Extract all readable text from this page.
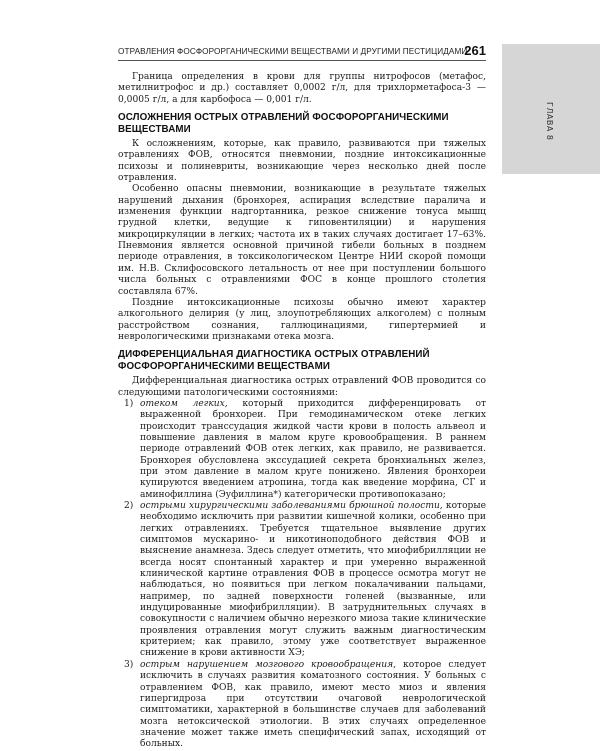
ГЛАВА 8
ОТРАВЛЕНИЯ ФОСФОРОРГАНИЧЕСКИМИ ВЕЩЕСТВАМИ И ДРУГИМИ ПЕСТИЦИДАМИ
261

Граница определения в крови для группы нитрофосов (метафос, метилнитрофос и др.) составляет 0,0002 г/л, для трихлорметафоса-3 — 0,0005 г/л, а для карбофоса — 0,001 г/л.

ОСЛОЖНЕНИЯ ОСТРЫХ ОТРАВЛЕНИЙ ФОСФОРОРГАНИЧЕСКИМИ ВЕЩЕСТВАМИ

К осложнениям, которые, как правило, развиваются при тяжелых отравлениях ФОВ, относятся пневмонии, поздние интоксикационные психозы и полиневриты, возникающие через несколько дней после отравления.

Особенно опасны пневмонии, возникающие в результате тяжелых нарушений дыхания (бронхорея, аспирация вследствие паралича и изменения функции надгортанника, резкое снижение тонуса мышц грудной клетки, ведущие к гиповентиляции) и нарушения микроциркуляции в легких; частота их в таких случаях достигает 17–63%. Пневмония является основной причиной гибели больных в позднем периоде отравления, в токсикологическом Центре НИИ скорой помощи им. Н.В. Склифосовского летальность от нее при поступлении большого числа больных с отравлениями ФОС в конце прошлого столетия составляла 67%.

Поздние интоксикационные психозы обычно имеют характер алкогольного делирия (у лиц, злоупотребляющих алкоголем) с полным расстройством сознания, галлюцинациями, гипертермией и неврологическими признаками отека мозга.

ДИФФЕРЕНЦИАЛЬНАЯ ДИАГНОСТИКА ОСТРЫХ ОТРАВЛЕНИЙ ФОСФОРОРГАНИЧЕСКИМИ ВЕЩЕСТВАМИ

Дифференциальная диагностика острых отравлений ФОВ проводится со следующими патологическими состояниями:

1) отеком легких, который приходится дифференцировать от выраженной бронхореи. При гемодинамическом отеке легких происходит транссудация жидкой части крови в полость альвеол и повышение давления в малом круге кровообращения. В раннем периоде отравлений ФОВ отек легких, как правило, не развивается. Бронхорея обусловлена экссудацией секрета бронхиальных желез, при этом давление в малом круге понижено. Явления бронхореи купируются введением атропина, тогда как введение морфина, СГ и аминофиллина (Эуфиллина*) категорически противопоказано;
2) острыми хирургическими заболеваниями брюшной полости, которые необходимо исключить при развитии кишечной колики, особенно при легких отравлениях. Требуется тщательное выявление других симптомов мускарино- и никотиноподобного действия ФОВ и выяснение анамнеза. Здесь следует отметить, что миофибрилляции не всегда носят спонтанный характер и при умеренно выраженной клинической картине отравления ФОВ в процессе осмотра могут не наблюдаться, но появиться при легком покалачивании пальцами, например, по задней поверхности голеней (вызванные, или индуцированные миофибрилляции). В затруднительных случаях в совокупности с наличием обычно нерезкого миоза такие клинические проявления отравления могут служить важным диагностическим критерием; как правило, этому уже соответствует выраженное снижение в крови активности ХЭ;
3) острым нарушением мозгового кровообращения, которое следует исключить в случаях развития коматозного состояния. У больных с отравлением ФОВ, как правило, имеют место миоз и явления гипергидроза при отсутствии очаговой неврологической симптоматики, характерной в большинстве случаев для заболеваний мозга нетоксической этиологии. В этих случаях определенное значение может также иметь специфический запах, исходящий от больных.
